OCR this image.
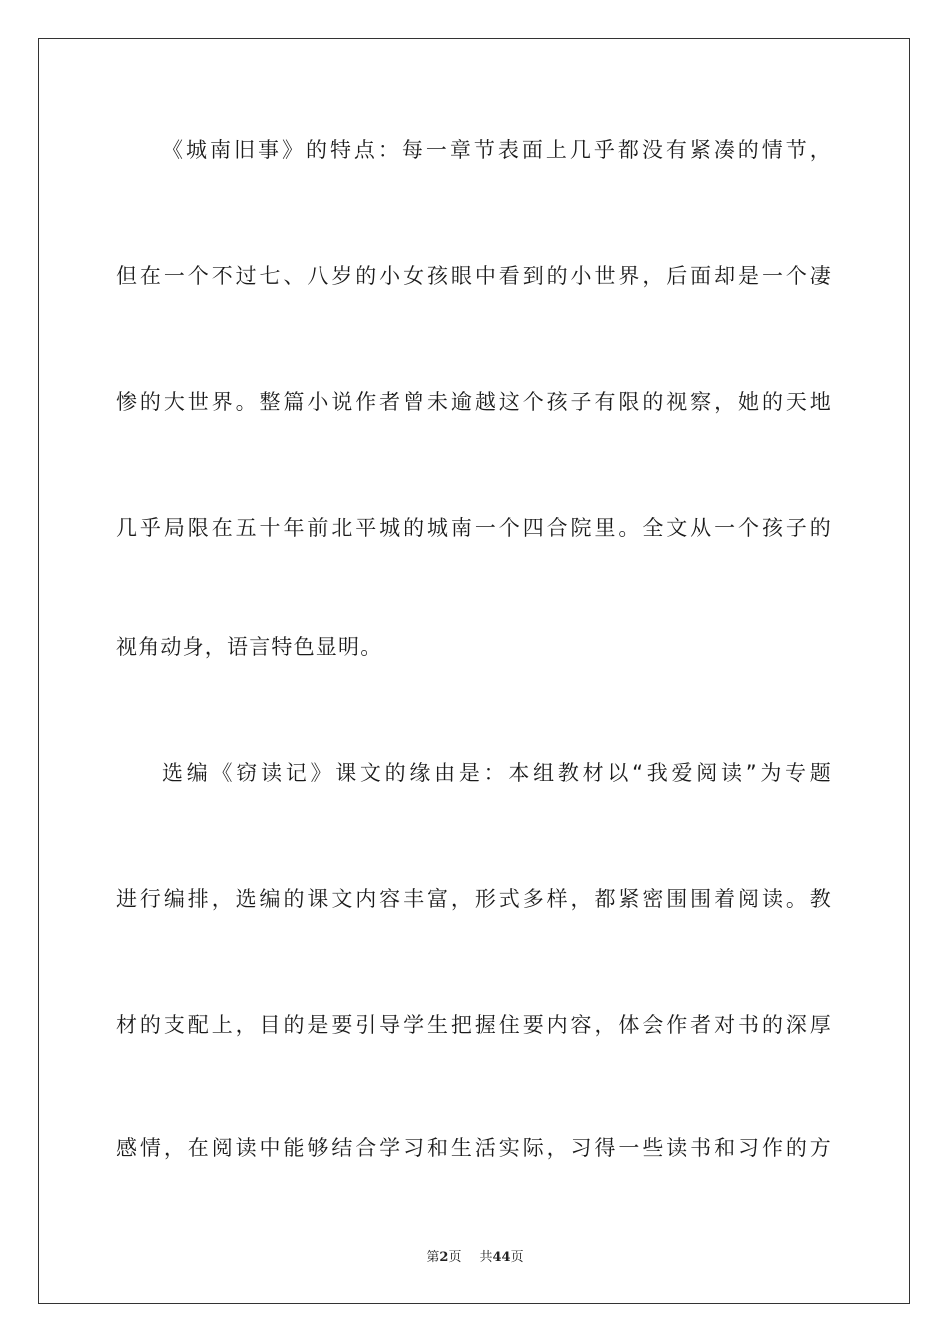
《城南旧事》的特点：每一章节表面上几乎都没有紧凑的情节，
但在一个不过七、八岁的小女孩眼中看到的小世界，后面却是一个凄
惨的大世界。整篇小说作者曾未逾越这个孩子有限的视察，她的天地
几乎局限在五十年前北平城的城南一个四合院里。全文从一个孩子的
视角动身，语言特色显明。
选编《窃读记》课文的缘由是：本组教材以“我爱阅读”为专题
进行编排，选编的课文内容丰富，形式多样，都紧密围围着阅读。教
材的支配上，目的是要引导学生把握住要内容，体会作者对书的深厚
感情，在阅读中能够结合学习和生活实际，习得一些读书和习作的方
第2页 共44页
